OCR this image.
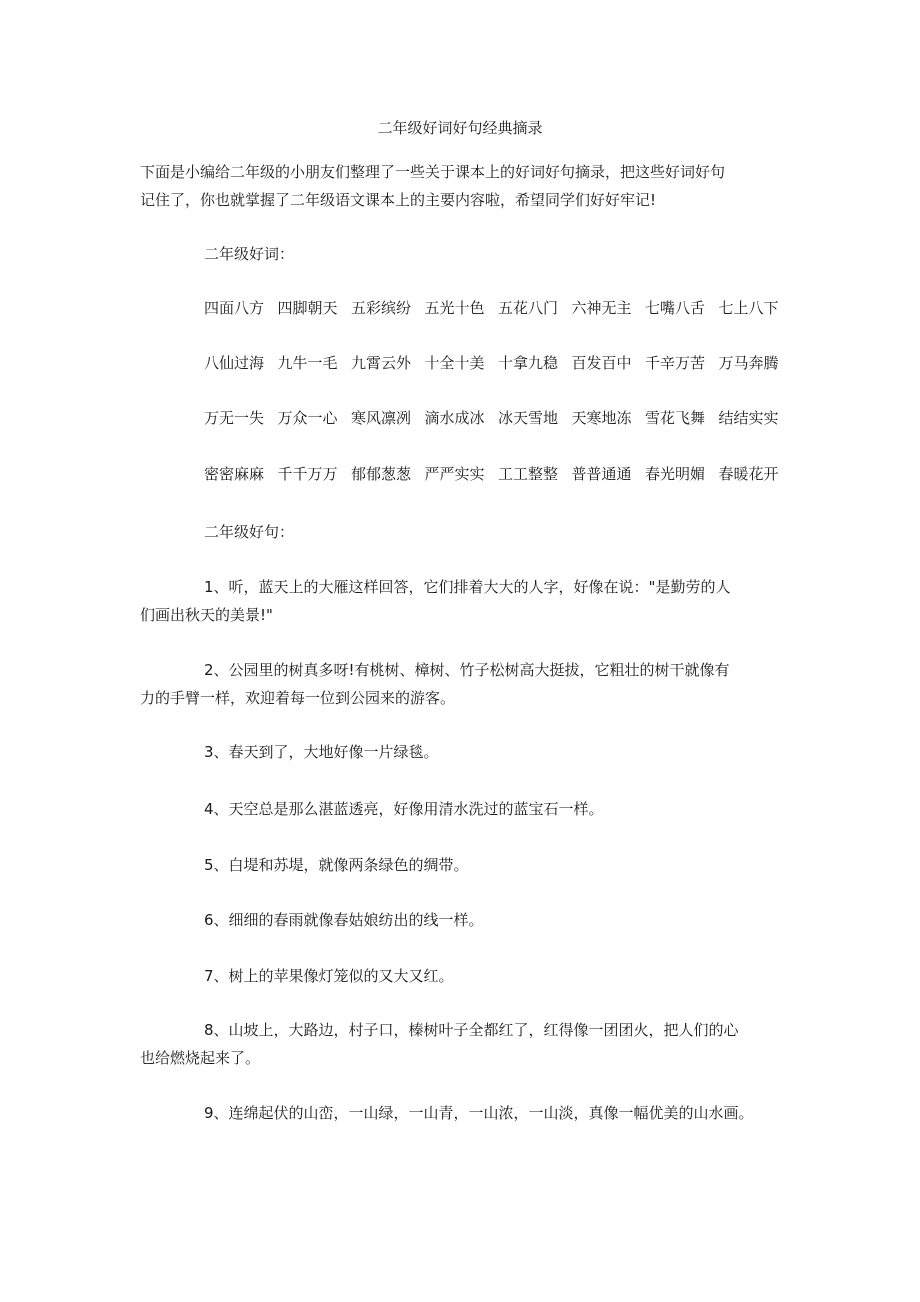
二年级好词好句经典摘录

下面是小编给二年级的小朋友们整理了一些关于课本上的好词好句摘录，把这些好词好句

记住了，你也就掌握了二年级语文课本上的主要内容啦，希望同学们好好牢记!

二年级好词：
四面八方 四脚朝天 五彩缤纷 五光十色 五花八门 六神无主 七嘴八舌 七上八下
八仙过海 九牛一毛 九霄云外 十全十美 十拿九稳 百发百中 千辛万苦 万马奔腾
万无一失 万众一心 寒风凛冽 滴水成冰 冰天雪地 天寒地冻 雪花飞舞 结结实实
密密麻麻 千千万万 郁郁葱葱 严严实实 工工整整 普普通通 春光明媚 春暖花开
二年级好句：
1、听，蓝天上的大雁这样回答，它们排着大大的人字，好像在说："是勤劳的人
们画出秋天的美景!"
2、公园里的树真多呀!有桃树、樟树、竹子松树高大挺拔，它粗壮的树干就像有
力的手臂一样，欢迎着每一位到公园来的游客。
3、春天到了，大地好像一片绿毯。
4、天空总是那么湛蓝透亮，好像用清水洗过的蓝宝石一样。
5、白堤和苏堤，就像两条绿色的绸带。
6、细细的春雨就像春姑娘纺出的线一样。
7、树上的苹果像灯笼似的又大又红。
8、山坡上，大路边，村子口，榛树叶子全都红了，红得像一团团火，把人们的心
也给燃烧起来了。
9、连绵起伏的山峦，一山绿，一山青，一山浓，一山淡，真像一幅优美的山水画。
